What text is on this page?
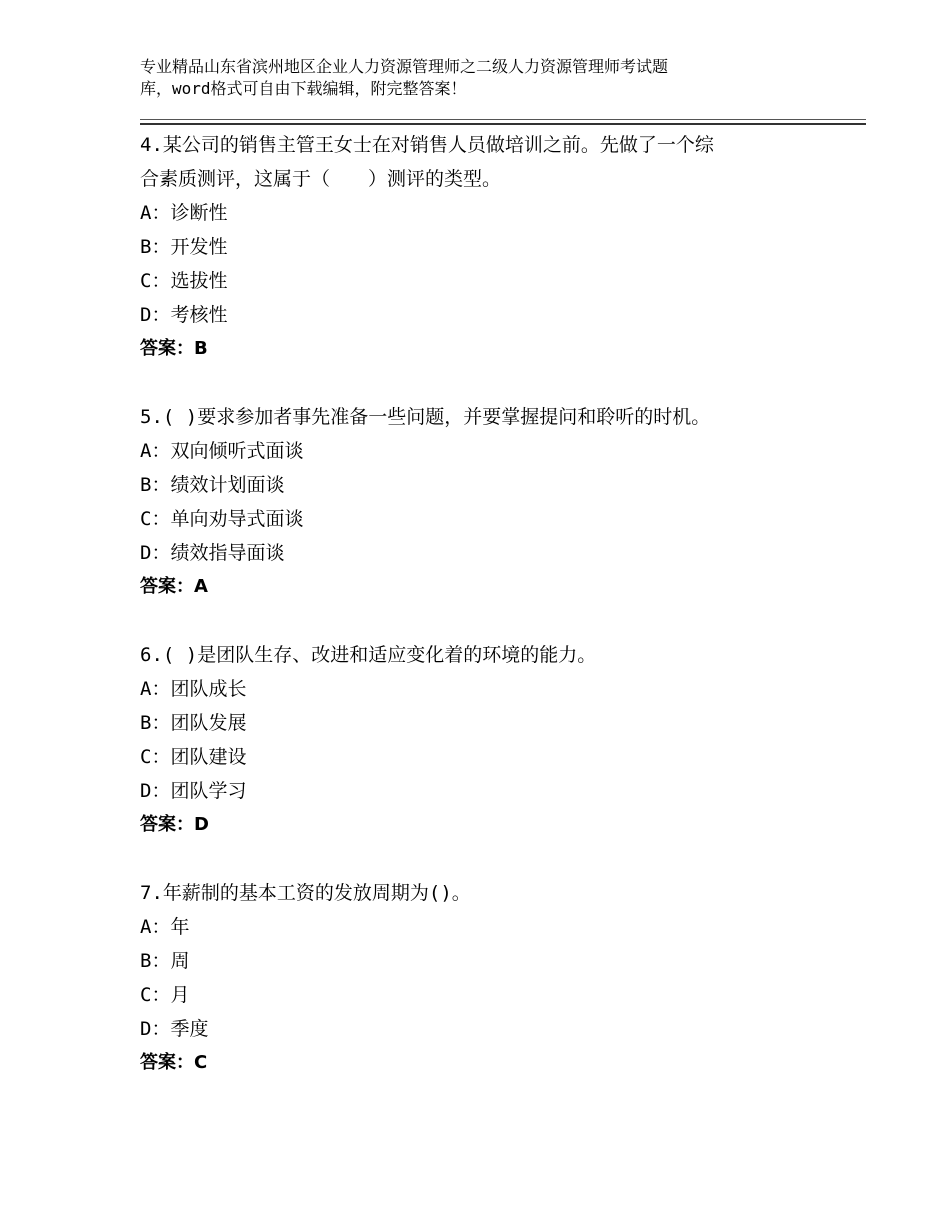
专业精品山东省滨州地区企业人力资源管理师之二级人力资源管理师考试题
库，word格式可自由下载编辑，附完整答案！
4.某公司的销售主管王女士在对销售人员做培训之前。先做了一个综
合素质测评，这属于（　　）测评的类型。
A：诊断性
B：开发性
C：选拔性
D：考核性
答案：B
5.( )要求参加者事先准备一些问题，并要掌握提问和聆听的时机。
A：双向倾听式面谈
B：绩效计划面谈
C：单向劝导式面谈
D：绩效指导面谈
答案：A
6.( )是团队生存、改进和适应变化着的环境的能力。
A：团队成长
B：团队发展
C：团队建设
D：团队学习
答案：D
7.年薪制的基本工资的发放周期为()。
A：年
B：周
C：月
D：季度
答案：C
